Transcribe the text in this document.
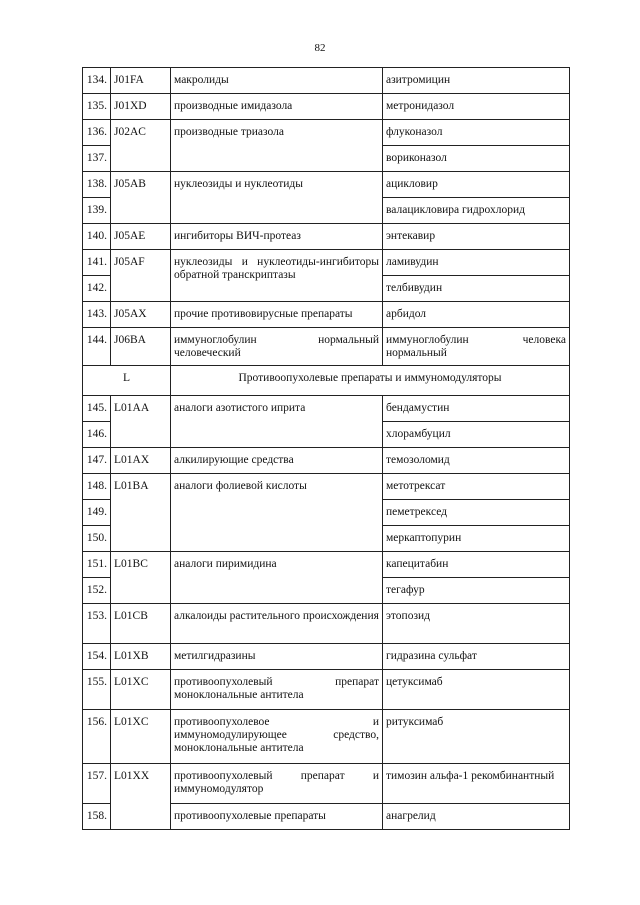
82
134.	J01FA	макролиды	азитромицин
135.	J01XD	производные имидазола	метронидазол
136.	J02AC	производные триазола	флуконазол
137.			вориконазол
138.	J05AB	нуклеозиды и нуклеотиды	ацикловир
139.			валацикловира гидрохлорид
140.	J05AE	ингибиторы ВИЧ-протеаз	энтекавир
141.	J05AF	нуклеозиды и нуклеотиды-ингибиторы обратной транскриптазы	ламивудин
142.			телбивудин
143.	J05AX	прочие противовирусные препараты	арбидол
144.	J06BA	иммуноглобулин нормальный человеческий	иммуноглобулин человека нормальный
L		Противоопухолевые препараты и иммуномодуляторы	
145.	L01AA	аналоги азотистого иприта	бендамустин
146.			хлорамбуцил
147.	L01AX	алкилирующие средства	темозоломид
148.	L01BA	аналоги фолиевой кислоты	метотрексат
149.			пеметрексед
150.			меркаптопурин
151.	L01BC	аналоги пиримидина	капецитабин
152.			тегафур
153.	L01CB	алкалоиды растительного происхождения	этопозид
154.	L01XB	метилгидразины	гидразина сульфат
155.	L01XC	противоопухолевый препарат моноклональные антитела	цетуксимаб
156.	L01XC	противоопухолевое и иммуномодулирующее средство, моноклональные антитела	ритуксимаб
157.	L01XX	противоопухолевый препарат и иммуномодулятор	тимозин альфа-1 рекомбинантный
158.		противоопухолевые препараты	анагрелид
